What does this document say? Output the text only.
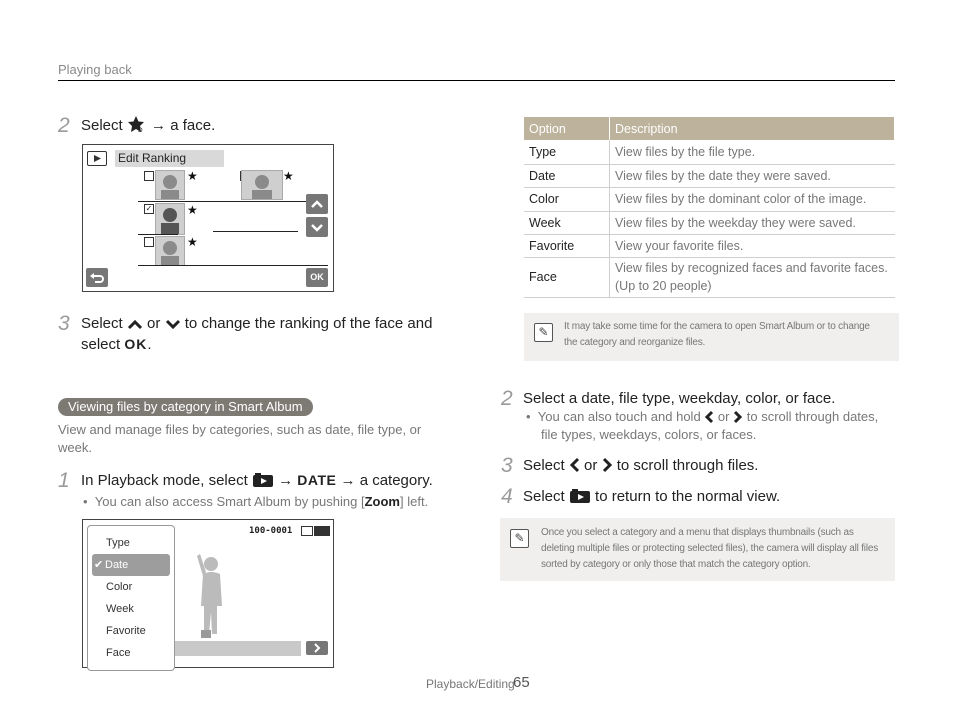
Playing back
2 Select	D → a face.
Edit Ranking
★	★
✓	★
★
OK
3 Select or to change the ranking of the face and
select OK.
Viewing files by category in Smart Album
View and manage files by categories, such as date, file type, or week.
1 In Playback mode, select → DATE → a category.
• You can also access Smart Album by pushing [Zoom] left.
100-0001
Type
✔ Date
Color
Week
Favorite
Face
Option	Description
Type	View files by the file type.
Date	View files by the date they were saved.
Color	View files by the dominant color of the image.
Week	View files by the weekday they were saved.
Favorite	View your favorite files.
Face	View files by recognized faces and favorite faces.
(Up to 20 people)
✎	It may take some time for the camera to open Smart Album or to change
the category and reorganize files.
2 Select a date, file type, weekday, color, or face.
• You can also touch and hold or to scroll through dates,
file types, weekdays, colors, or faces.
3 Select or to scroll through files.
4 Select to return to the normal view.
✎	Once you select a category and a menu that displays thumbnails (such as
deleting multiple files or protecting selected files), the camera will display all files
sorted by category or only those that match the category option.
Playback/Editing
65
